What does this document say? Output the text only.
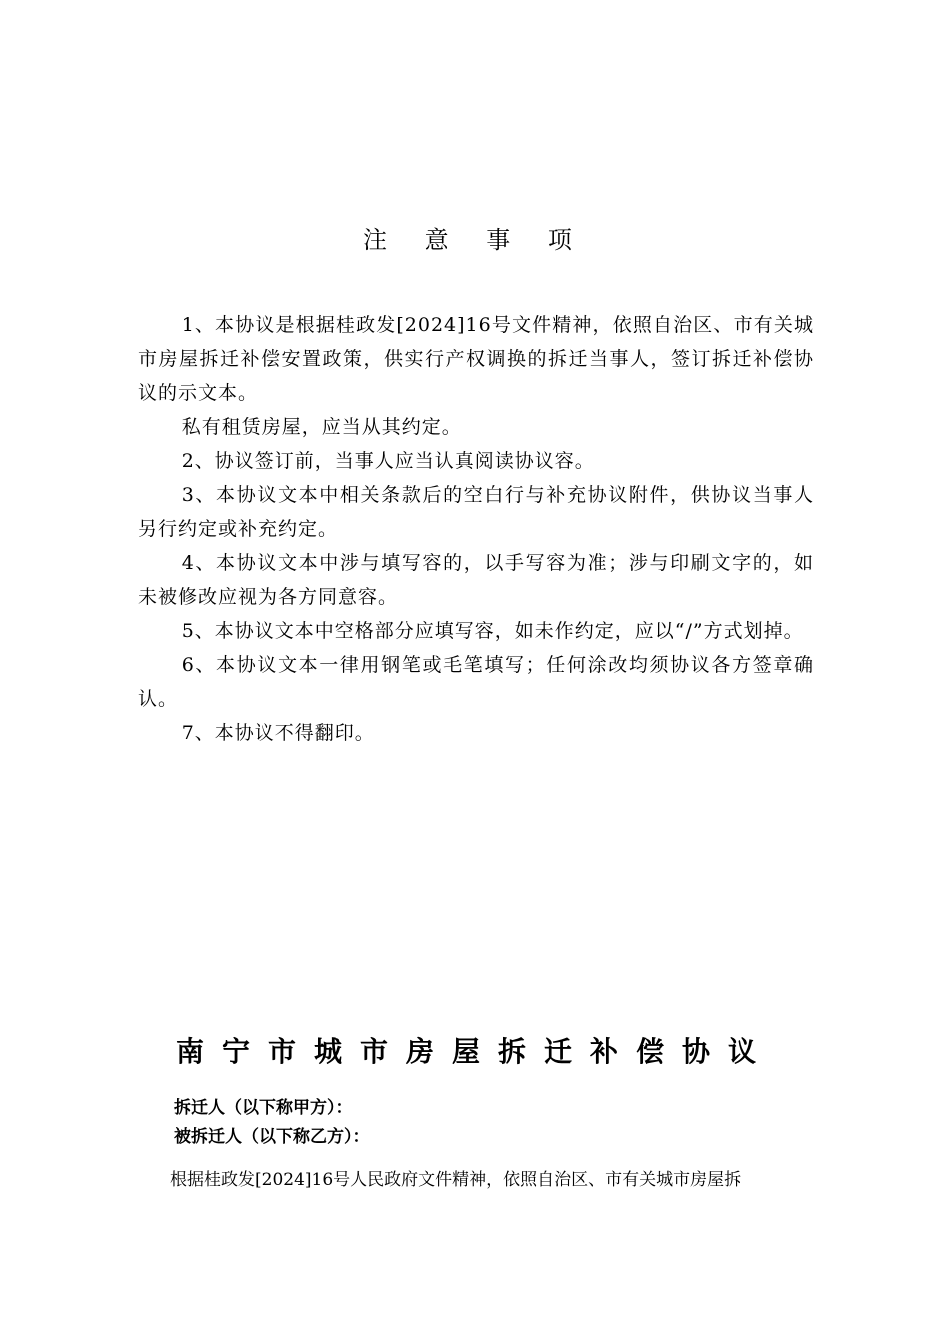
注 意 事 项

1、本协议是根据桂政发[2024]16号文件精神，依照自治区、市有关城市房屋拆迁补偿安置政策，供实行产权调换的拆迁当事人，签订拆迁补偿协议的示文本。

私有租赁房屋，应当从其约定。

2、协议签订前，当事人应当认真阅读协议容。

3、本协议文本中相关条款后的空白行与补充协议附件，供协议当事人另行约定或补充约定。

4、本协议文本中涉与填写容的，以手写容为准；涉与印刷文字的，如未被修改应视为各方同意容。

5、本协议文本中空格部分应填写容，如未作约定，应以“/”方式划掉。

6、本协议文本一律用钢笔或毛笔填写；任何涂改均须协议各方签章确认。

7、本协议不得翻印。

南宁市城市房屋拆迁补偿协议
拆迁人（以下称甲方）：
被拆迁人（以下称乙方）：
根据桂政发[2024]16号人民政府文件精神，依照自治区、市有关城市房屋拆
